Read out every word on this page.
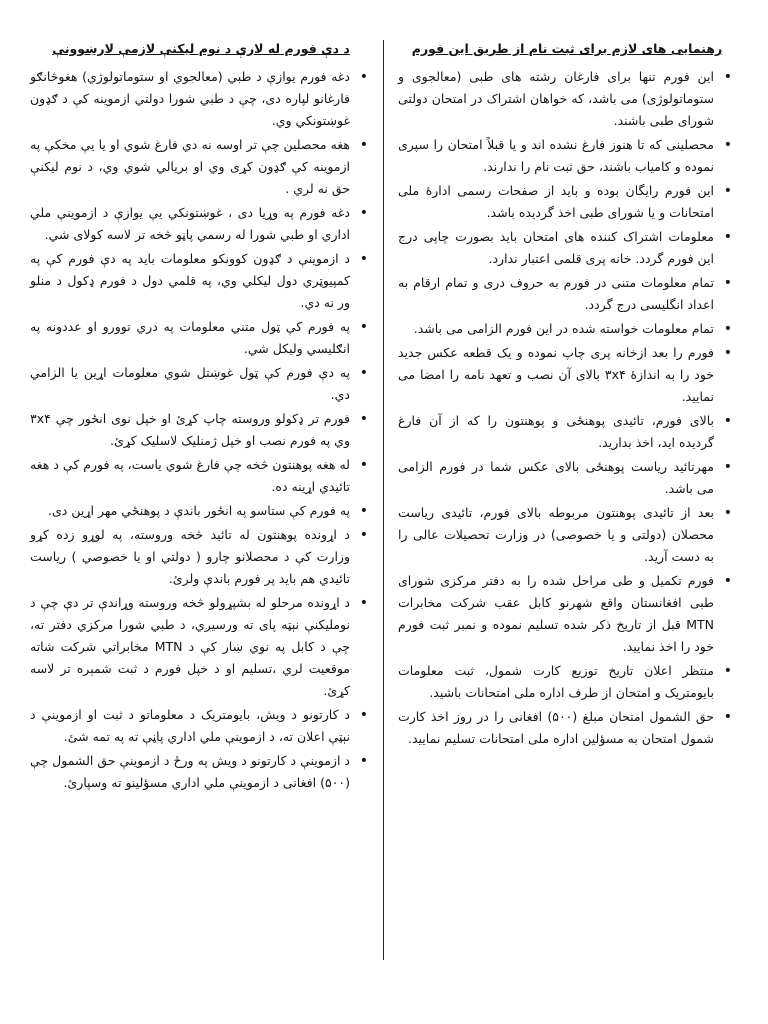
رهنمایی های لازم برای ثبت نام از طریق این فورم
• این فورم تنها برای فارغان رشته های طبی (معالجوی و ستوماتولوژی) می باشد، که خواهان اشتراک در امتحان دولتی شورای طبی باشند.
• محصلینی که تا هنوز فارغ نشده اند و یا قبلاً امتحان را سپری نموده و کامیاب باشند، حق ثبت نام را ندارند.
• این فورم رایگان بوده و باید از صفحات رسمی ادارهٔ ملی امتحانات و یا شورای طبی اخذ گردیده باشد.
• معلومات اشتراک کننده های امتحان باید بصورت چاپی درج این فورم گردد. خانه پری قلمی اعتبار ندارد.
• تمام معلومات متنی در فورم به حروف دری و تمام ارقام به اعداد انگلیسی درج گردد.
• تمام معلومات خواسته شده در این فورم الزامی می باشد.
• فورم را بعد ازخانه پری چاپ نموده و یک قطعه عکس جدید خود را به اندازهٔ ۳x۴ بالای آن نصب و تعهد نامه را امضا می نمایید.
• بالای فورم، تائیدی پوهنځی و پوهنتون را که از آن فارغ گردیده اید، اخذ بدارید.
• مهرتائید ریاست پوهنځی بالای عکس شما در فورم الزامی می باشد.
• بعد از تائیدی پوهنتون مربوطه بالای فورم، تائیدی ریاست محصلان (دولتی و یا خصوصی) در وزارت تحصیلات عالی را به دست آرید.
• فورم تکمیل و طی مراحل شده را به دفتر مرکزی شورای طبی افغانستان واقع شهرنو کابل عقب شرکت مخابرات MTN قبل از تاریخ ذکر شده تسلیم نموده و نمبر ثبت فورم خود را اخذ نمایید.
• منتظر اعلان تاریخ توزیع کارت شمول، ثبت معلومات بایومتریک و امتحان از طرف اداره ملی امتحانات باشید.
• حق الشمول امتحان مبلغ (۵۰۰) افغانی را در روز اخذ کارت شمول امتحان به مسؤلین اداره ملی امتحانات تسلیم نمایید.
د دې فورم له لارې د نوم لیکنې لازمې لارښوونې
• دغه فورم یوازې د طبي (معالجوي او ستوماتولوژي) هغوڅانګو فارغانو لپاره دی، چې د طبي شورا دولتي ازموینه کې د ګډون غوښتونکي وي.
• هغه محصلین چې تر اوسه نه دي فارغ شوي او یا یې مخکې په ازموینه کې ګډون کړی وي او بریالي شوي وي، د نوم لیکنې حق نه لري .
• دغه فورم په وړیا دی ، غوښتونکي یې یوازې د ازموینې ملي اداري او طبي شورا له رسمي پاڼو څخه تر لاسه کولای شي.
• د ازموینې د ګډون کوونکو معلومات باید په دې فورم کې په کمپیوټري دول لیکلي وي، په قلمي دول د فورم ډکول د منلو ور نه دي.
• په فورم کې ټول متني معلومات په دري توورو او عددونه په انګلیسي ولیکل شي.
• په دې فورم کې ټول غوښتل شوي معلومات اړین یا الزامي دي.
• فورم تر ډکولو وروسته چاپ کړئ او خپل نوی انځور چې ۳x۴ وي په فورم نصب او خپل ژمنلیک لاسلیک کړئ.
• له هغه پوهنتون څخه چې فارغ شوي یاست، په فورم کې د هغه تائیدي اړینه ده.
• په فورم کې ستاسو په انځور باندې د پوهنځي مهر اړین دی.
• د اړونده پوهنتون له تائید څخه وروسته، په لوړو زده کړو وزارت کې د محصلانو چارو ( دولتي او یا خصوصي ) ریاست تائیدي هم باید پر فورم باندې ولرئ.
• د اړونده مرحلو له بشپړولو څخه وروسته وړاندې تر دې چې د نوملیکنې نېټه پای ته ورسیږي، د طبي شورا مرکزي دفتر ته، چې د کابل په نوي ښار کې د MTN مخابراتي شرکت شاته موقعیت لري ،تسلیم او د خپل فورم د ثبت شمېره تر لاسه کړئ.
• د کارتونو د ویش، بایومتریک د معلوماتو د ثبت او ازموینې د نېټې اعلان ته، د ازموینې ملي اداري پاڼې ته په تمه شئ.
• د ازموینې د کارتونو د ویش په ورځ د ازموینې حق الشمول چې (۵۰۰) افغانی د ازموینې ملي اداري مسؤلینو ته وسپارئ.
